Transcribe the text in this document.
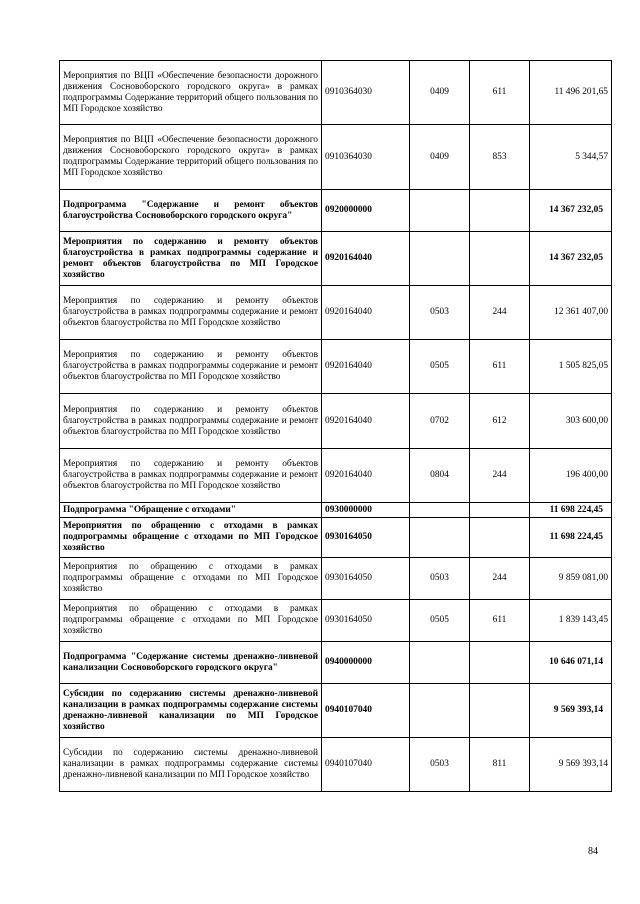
Мероприятия по ВЦП «Обеспечение безопасности дорожного движения Сосновоборского городского округа» в рамках подпрограммы Содержание территорий общего пользования по МП Городское хозяйство	0910364030	0409	611	11 496 201,65
Мероприятия по ВЦП «Обеспечение безопасности дорожного движения Сосновоборского городского округа» в рамках подпрограммы Содержание территорий общего пользования по МП Городское хозяйство	0910364030	0409	853	5 344,57
Подпрограмма "Содержание и ремонт объектов благоустройства Сосновоборского городского округа"	0920000000			14 367 232,05
Мероприятия по содержанию и ремонту объектов благоустройства в рамках подпрограммы содержание и ремонт объектов благоустройства по МП Городское хозяйство	0920164040			14 367 232,05
Мероприятия по содержанию и ремонту объектов благоустройства в рамках подпрограммы содержание и ремонт объектов благоустройства по МП Городское хозяйство	0920164040	0503	244	12 361 407,00
Мероприятия по содержанию и ремонту объектов благоустройства в рамках подпрограммы содержание и ремонт объектов благоустройства по МП Городское хозяйство	0920164040	0505	611	1 505 825,05
Мероприятия по содержанию и ремонту объектов благоустройства в рамках подпрограммы содержание и ремонт объектов благоустройства по МП Городское хозяйство	0920164040	0702	612	303 600,00
Мероприятия по содержанию и ремонту объектов благоустройства в рамках подпрограммы содержание и ремонт объектов благоустройства по МП Городское хозяйство	0920164040	0804	244	196 400,00
Подпрограмма "Обращение с отходами"	0930000000			11 698 224,45
Мероприятия по обращению с отходами в рамках подпрограммы обращение с отходами по МП Городское хозяйство	0930164050			11 698 224,45
Мероприятия по обращению с отходами в рамках подпрограммы обращение с отходами по МП Городское хозяйство	0930164050	0503	244	9 859 081,00
Мероприятия по обращению с отходами в рамках подпрограммы обращение с отходами по МП Городское хозяйство	0930164050	0505	611	1 839 143,45
Подпрограмма "Содержание системы дренажно-ливневой канализации Сосновоборского городского округа"	0940000000			10 646 071,14
Субсидии по содержанию системы дренажно-ливневой канализации в рамках подпрограммы содержание системы дренажно-ливневой канализации по МП Городское хозяйство	0940107040			9 569 393,14
Субсидии по содержанию системы дренажно-ливневой канализации в рамках подпрограммы содержание системы дренажно-ливневой канализации по МП Городское хозяйство	0940107040	0503	811	9 569 393,14
84
